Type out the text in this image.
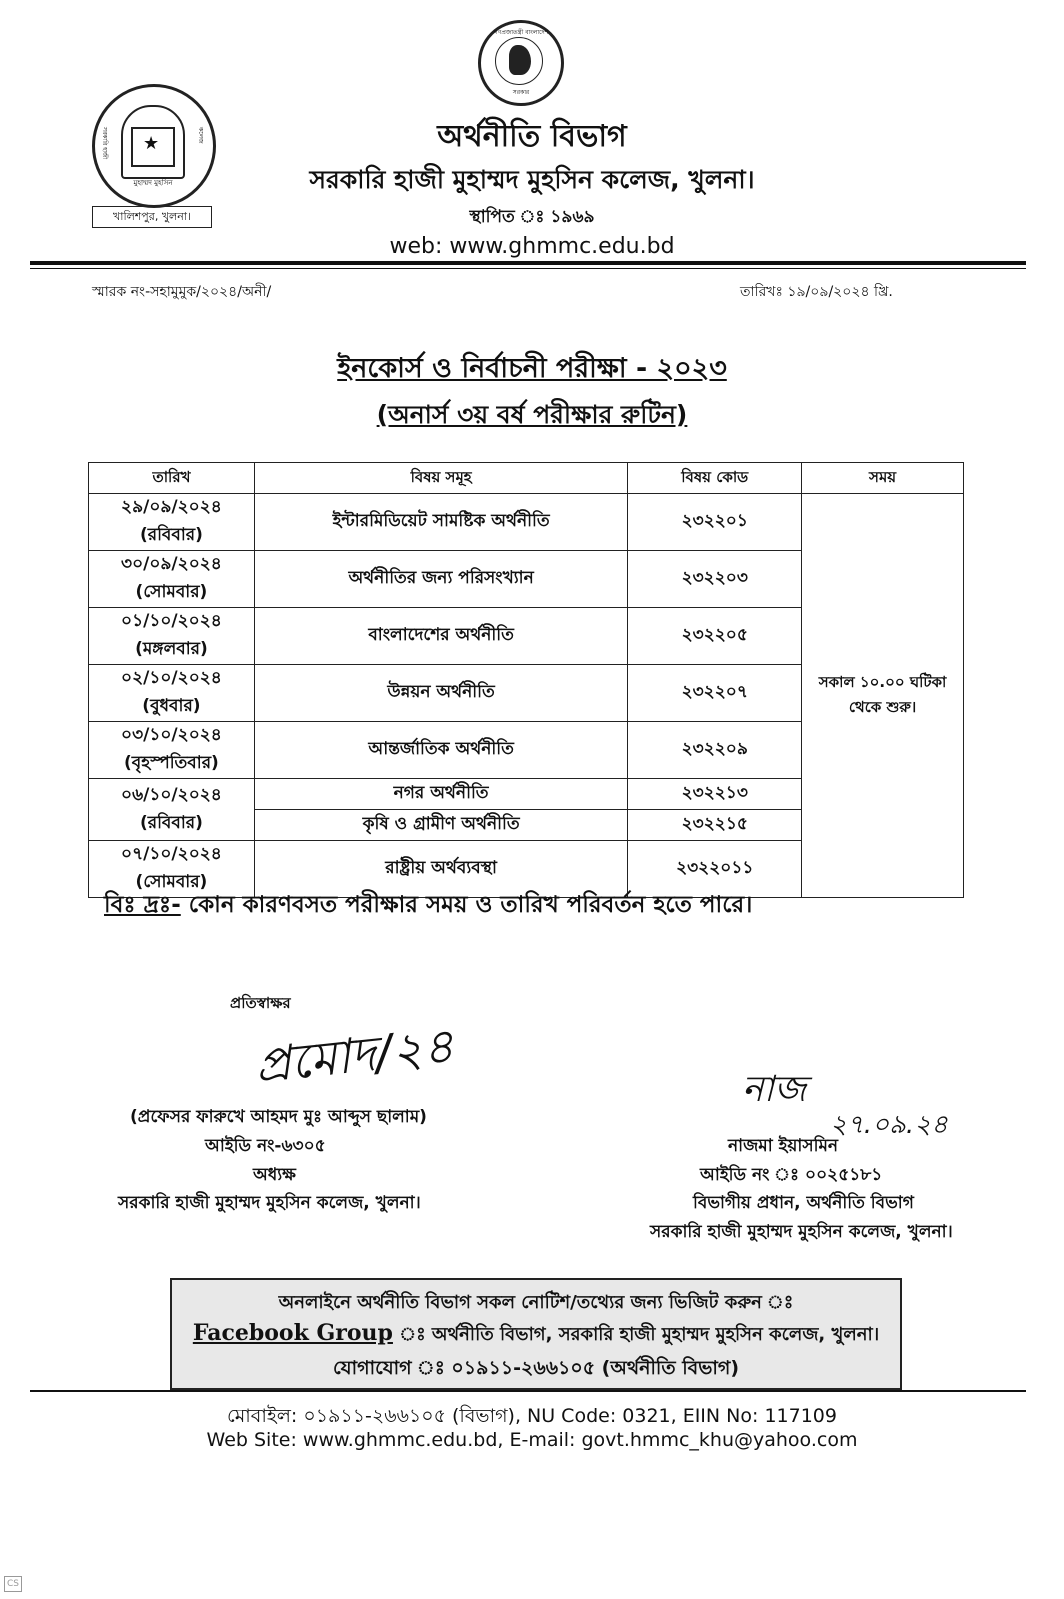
★
মুহাম্মদ মুহসিন
সরকারি হাজী	কলেজ
খালিশপুর, খুলনা।
গণপ্রজাতন্ত্রী বাংলাদেশ
সরকার
অর্থনীতি বিভাগ
সরকারি হাজী মুহাম্মদ মুহসিন কলেজ, খুলনা।
স্থাপিত ঃ ১৯৬৯
web: www.ghmmc.edu.bd
স্মারক নং-সহামুমুক/২০২৪/অনী/	তারিখঃ ১৯/০৯/২০২৪ খ্রি.
ইনকোর্স ও নির্বাচনী পরীক্ষা - ২০২৩
(অনার্স ৩য় বর্ষ পরীক্ষার রুটিন)
তারিখ	বিষয় সমূহ	বিষয় কোড	সময়

২৯/০৯/২০২৪
(রবিবার)	ইন্টারমিডিয়েট সামষ্টিক অর্থনীতি	২৩২২০১	সকাল ১০.০০ ঘটিকা থেকে শুরু।

৩০/০৯/২০২৪
(সোমবার)	অর্থনীতির জন্য পরিসংখ্যান	২৩২২০৩	

০১/১০/২০২৪
(মঙ্গলবার)	বাংলাদেশের অর্থনীতি	২৩২২০৫	

০২/১০/২০২৪
(বুধবার)	উন্নয়ন অর্থনীতি	২৩২২০৭	

০৩/১০/২০২৪
(বৃহস্পতিবার)	আন্তর্জাতিক অর্থনীতি	২৩২২০৯	

০৬/১০/২০২৪
(রবিবার)	নগর অর্থনীতি	২৩২২১৩	
	কৃষি ও গ্রামীণ অর্থনীতি	২৩২২১৫	

০৭/১০/২০২৪
(সোমবার)	রাষ্ট্রীয় অর্থব্যবস্থা	২৩২২০১১	
বিঃ দ্রঃ- কোন কারণবসত পরীক্ষার সময় ও তারিখ পরিবর্তন হতে পারে।
প্রতিস্বাক্ষর
প্রমোদ/২৪
(প্রফেসর ফারুখে আহমদ মুঃ আব্দুস ছালাম)
আইডি নং-৬৩০৫
অধ্যক্ষ
সরকারি হাজী মুহাম্মদ মুহসিন কলেজ, খুলনা।
নাজ
২৭.০৯.২৪
নাজমা ইয়াসমিন
আইডি নং ঃ ০০২৫১৮১
বিভাগীয় প্রধান, অর্থনীতি বিভাগ
সরকারি হাজী মুহাম্মদ মুহসিন কলেজ, খুলনা।
অনলাইনে অর্থনীতি বিভাগ সকল নোটিশ/তথ্যের জন্য ভিজিট করুন ঃ
Facebook Group ঃ অর্থনীতি বিভাগ, সরকারি হাজী মুহাম্মদ মুহসিন কলেজ, খুলনা।
যোগাযোগ ঃ ০১৯১১-২৬৬১০৫ (অর্থনীতি বিভাগ)
মোবাইল: ০১৯১১-২৬৬১০৫ (বিভাগ), NU Code: 0321, EIIN No: 117109
Web Site: www.ghmmc.edu.bd, E-mail: govt.hmmc_khu@yahoo.com
CS
